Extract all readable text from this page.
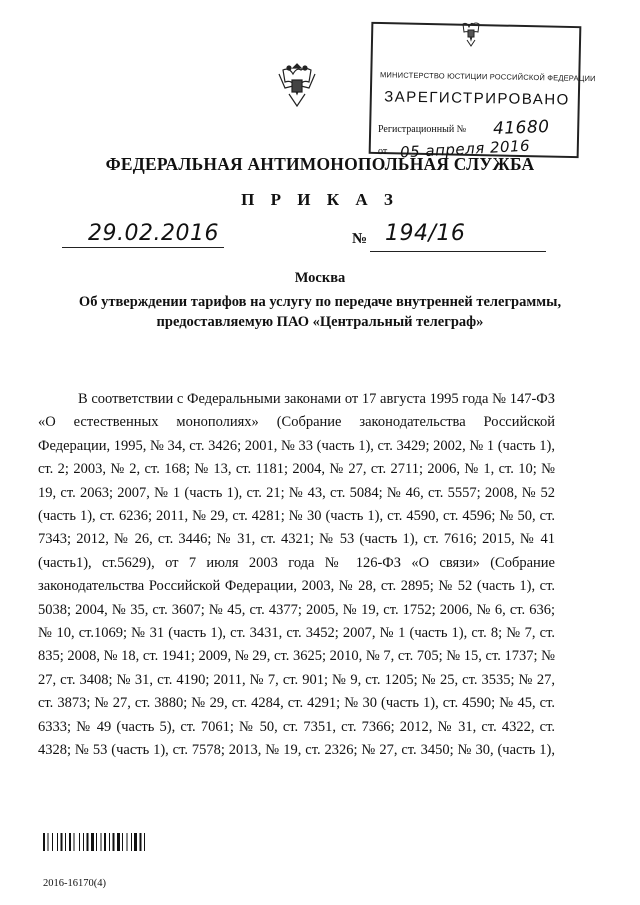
МИНИСТЕРСТВО ЮСТИЦИИ РОССИЙСКОЙ ФЕДЕРАЦИИ
ЗАРЕГИСТРИРОВАНО
Регистрационный № 41680
от 05 апреля 2016
ФЕДЕРАЛЬНАЯ АНТИМОНОПОЛЬНАЯ СЛУЖБА
П Р И К А З
29.02.2016	№ 194/16
Москва
Об утверждении тарифов на услугу по передаче внутренней телеграммы,
предоставляемую ПАО «Центральный телеграф»
В соответствии с Федеральными законами от 17 августа 1995 года № 147-ФЗ «О естественных монополиях» (Собрание законодательства Российской Федерации, 1995, № 34, ст. 3426; 2001, № 33 (часть 1), ст. 3429; 2002, № 1 (часть 1), ст. 2; 2003, № 2, ст. 168; № 13, ст. 1181; 2004, № 27, ст. 2711; 2006, № 1, ст. 10; № 19, ст. 2063; 2007, № 1 (часть 1), ст. 21; № 43, ст. 5084; № 46, ст. 5557; 2008, № 52 (часть 1), ст. 6236; 2011, № 29, ст. 4281; № 30 (часть 1), ст. 4590, ст. 4596; № 50, ст. 7343; 2012, № 26, ст. 3446; № 31, ст. 4321; № 53 (часть 1), ст. 7616; 2015, № 41 (часть1), ст.5629), от 7 июля 2003 года № 126-ФЗ «О связи» (Собрание законодательства Российской Федерации, 2003, № 28, ст. 2895; № 52 (часть 1), ст. 5038; 2004, № 35, ст. 3607; № 45, ст. 4377; 2005, № 19, ст. 1752; 2006, № 6, ст. 636; № 10, ст.1069; № 31 (часть 1), ст. 3431, ст. 3452; 2007, № 1 (часть 1), ст. 8; № 7, ст. 835; 2008, № 18, ст. 1941; 2009, № 29, ст. 3625; 2010, № 7, ст. 705; № 15, ст. 1737; № 27, ст. 3408; № 31, ст. 4190; 2011, № 7, ст. 901; № 9, ст. 1205; № 25, ст. 3535; № 27, ст. 3873; № 27, ст. 3880; № 29, ст. 4284, ст. 4291; № 30 (часть 1), ст. 4590; № 45, ст. 6333; № 49 (часть 5), ст. 7061; № 50, ст. 7351, ст. 7366; 2012, № 31, ст. 4322, ст. 4328; № 53 (часть 1), ст. 7578; 2013, № 19, ст. 2326; № 27, ст. 3450; № 30, (часть 1),
2016-16170(4)
